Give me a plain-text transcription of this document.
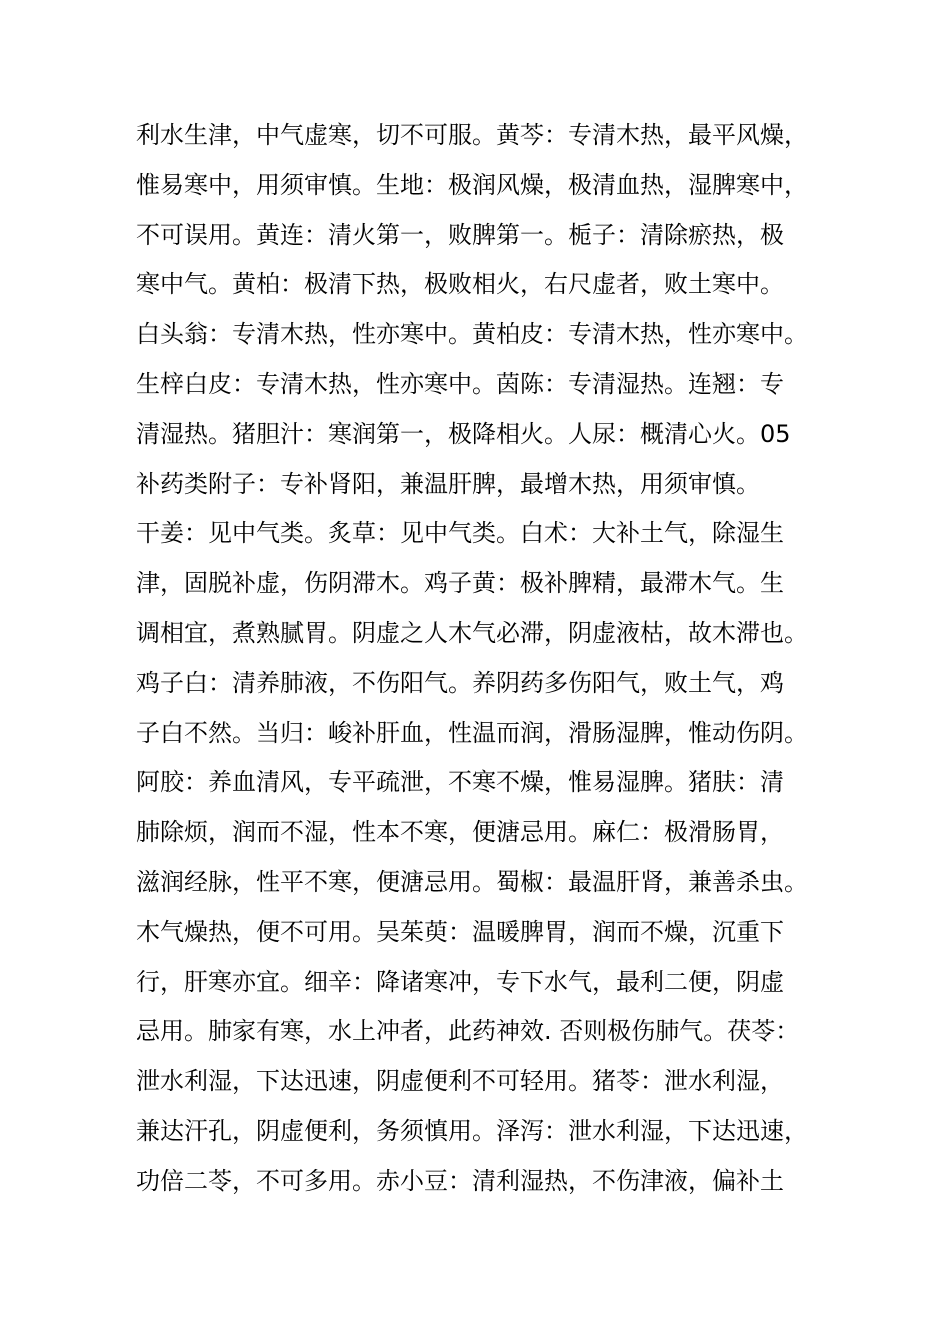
利水生津，中气虚寒，切不可服。黄芩：专清木热，最平风燥，
惟易寒中，用须审慎。生地：极润风燥，极清血热，湿脾寒中，
不可误用。黄连：清火第一，败脾第一。栀子：清除瘀热，极
寒中气。黄柏：极清下热，极败相火，右尺虚者，败土寒中。
白头翁：专清木热，性亦寒中。黄柏皮：专清木热，性亦寒中。
生梓白皮：专清木热，性亦寒中。茵陈：专清湿热。连翘：专
清湿热。猪胆汁：寒润第一，极降相火。人尿：概清心火。05
补药类附子：专补肾阳，兼温肝脾，最增木热，用须审慎。
干姜：见中气类。炙草：见中气类。白术：大补土气，除湿生
津，固脱补虚，伤阴滞木。鸡子黄：极补脾精，最滞木气。生
调相宜，煮熟腻胃。阴虚之人木气必滞，阴虚液枯，故木滞也。
鸡子白：清养肺液，不伤阳气。养阴药多伤阳气，败土气，鸡
子白不然。当归：峻补肝血，性温而润，滑肠湿脾，惟动伤阴。
阿胶：养血清风，专平疏泄，不寒不燥，惟易湿脾。猪肤：清
肺除烦，润而不湿，性本不寒，便溏忌用。麻仁：极滑肠胃，
滋润经脉，性平不寒，便溏忌用。蜀椒：最温肝肾，兼善杀虫。
木气燥热，便不可用。吴茱萸：温暖脾胃，润而不燥，沉重下
行，肝寒亦宜。细辛：降诸寒冲，专下水气，最利二便，阴虚
忌用。肺家有寒，水上冲者，此药神效. 否则极伤肺气。茯苓：
泄水利湿，下达迅速，阴虚便利不可轻用。猪苓：泄水利湿，
兼达汗孔，阴虚便利，务须慎用。泽泻：泄水利湿，下达迅速，
功倍二苓，不可多用。赤小豆：清利湿热，不伤津液，偏补土
